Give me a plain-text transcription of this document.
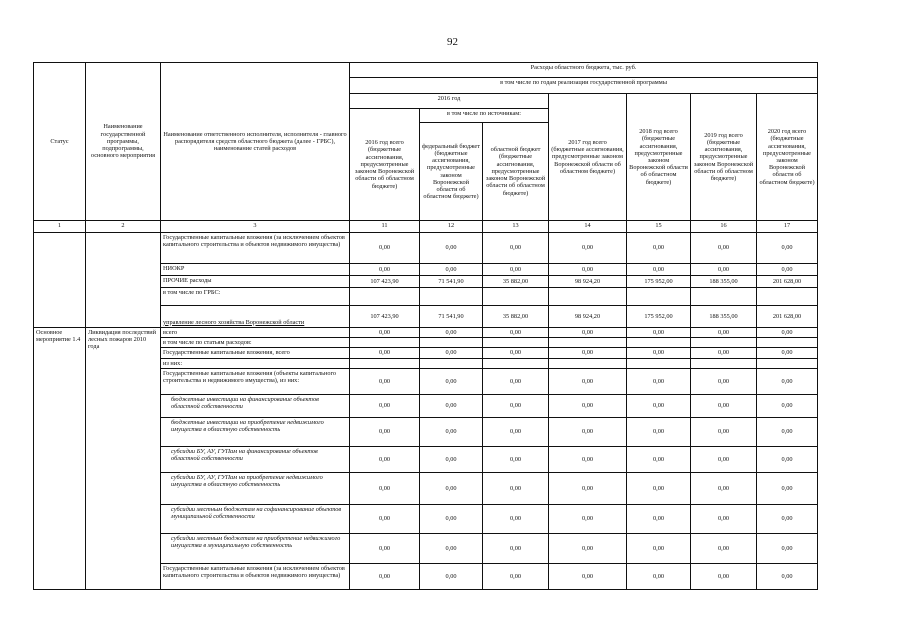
92
Статус	Наименование государственной программы, подпрограммы, основного мероприятия	Наименование ответственного исполнителя, исполнителя - главного распорядителя средств областного бюджета (далее - ГРБС), наименование статей расходов	Расходы областного бюджета, тыс. руб.						
			в том числе по годам реализации государственной программы						
			2016 год			2017 год всего (бюджетные ассигнования, предусмотренные законом Воронежской области об областном бюджете)	2018 год всего (бюджетные ассигнования, предусмотренные законом Воронежской области об областном бюджете)	2019 год всего (бюджетные ассигнования, предусмотренные законом Воронежской области об областном бюджете)	2020 год всего (бюджетные ассигнования, предусмотренные законом Воронежской области об областном бюджете)
			2016 год всего (бюджетные ассигнования, предусмотренные законом Воронежской области об областном бюджете)	в том числе по источникам:					
				федеральный бюджет (бюджетные ассигнования, предусмотренные законом Воронежской области об областном бюджете)	областной бюджет (бюджетные ассигнования, предусмотренные законом Воронежской области об областном бюджете)				
1	2	3	11	12	13	14	15	16	17
		Государственные капитальные вложения (за исключением объектов капитального строительства и объектов недвижимого имущества)	0,00	0,00	0,00	0,00	0,00	0,00	0,00
		НИОКР	0,00	0,00	0,00	0,00	0,00	0,00	0,00
		ПРОЧИЕ расходы	107 423,90	71 541,90	35 882,00	98 924,20	175 952,00	188 355,00	201 628,00
		в том числе по ГРБС:							
		управление лесного хозяйства Воронежской области	107 423,90	71 541,90	35 882,00	98 924,20	175 952,00	188 355,00	201 628,00
Основное мероприятие 1.4	Ликвидация последствий лесных пожаров 2010 года	всего	0,00	0,00	0,00	0,00	0,00	0,00	0,00
		в том числе по статьям расходов:							
		Государственные капитальные вложения, всего	0,00	0,00	0,00	0,00	0,00	0,00	0,00
		из них:							
		Государственные капитальные вложения (объекты капитального строительства и недвижимого имущества), из них:	0,00	0,00	0,00	0,00	0,00	0,00	0,00
		бюджетные инвестиции на финансирование объектов областной собственности	0,00	0,00	0,00	0,00	0,00	0,00	0,00
		бюджетные инвестиции на приобретение недвижимого имущества в областную собственность	0,00	0,00	0,00	0,00	0,00	0,00	0,00
		субсидии БУ, АУ, ГУПам на финансирование объектов областной собственности	0,00	0,00	0,00	0,00	0,00	0,00	0,00
		субсидии БУ, АУ, ГУПам на приобретение недвижимого имущества в областную собственность	0,00	0,00	0,00	0,00	0,00	0,00	0,00
		субсидии местным бюджетам на софинансирование объектов муниципальной собственности	0,00	0,00	0,00	0,00	0,00	0,00	0,00
		субсидии местным бюджетам на приобретение недвижимого имущества в муниципальную собственность	0,00	0,00	0,00	0,00	0,00	0,00	0,00
		Государственные капитальные вложения (за исключением объектов капитального строительства и объектов недвижимого имущества)	0,00	0,00	0,00	0,00	0,00	0,00	0,00
